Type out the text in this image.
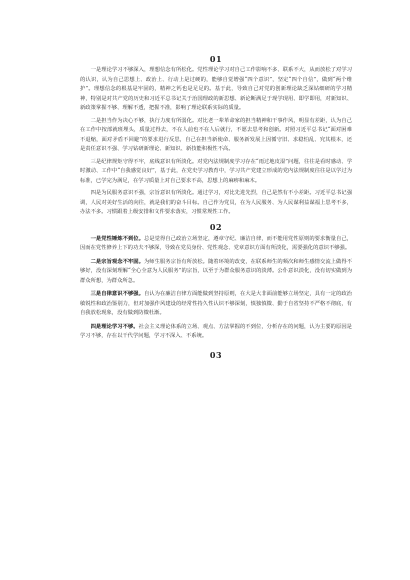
01

一是理论学习不够深入，理想信念有所松化。党性理论学习对自己工作影响不多、联系不大，从而放松了对学习的认识，认为自己思想上、政治上、行动上是过硬的，能够自觉增强“四个意识”，坚定“四个自信”，做到“两个维护”。理想信念的根基是牢固的，精神之钙也是足足的。基于此，导致自己对党的创新理论缺乏深钻细研的学习精神，特别是对共产党的历史和习近平总书记关于治国理政的新思想、新论断满足于现学现用、即学即用，对新知识、新政策掌握不够、理解不透，把握不准，影响了理论联系实际的质量。

二是担当作为决心不够，执行力度有所弱化。对比老一辈革命家的担当精神和干事作风，明显有差距，认为自己在工作中按部就班埋头，质量过得去，不在人前也不在人后就行，不愿去思考和创新。对照习近平总书记“面对困难不退缩，面对矛盾不回避”的要求进行反思，自己在担当新使命、服务新发展上因循守旧、求稳怕乱、究其根本，还是责任意识不强、学习钻研新理论、新知识、新技能积极性不高。

三是纪律规矩守得不牢，底线意识有所淡化。对党内法规制度学习存在“雨过地皮湿”问题，往往是看时感动、学时激动、工作中“自我感觉良好”，基于此，在党史学习教育中，学习共产党建立形成的党内法规制度往往是以学过为标准，已学完为满足，在学习质量上对自己要求不高，思想上的麻痹和麻木。

四是为民服务意识不强，宗旨意识有所淡化。通过学习，对比先进先烈，自己是然有不小差距。习近平总书记强调，人民对美好生活的向往，就是我们的奋斗目标。自己作为党员，在为人民服务、为人民谋利益谋福上思考不多，办法不多。习惯跟着上级安排和文件要求落实，习惯常规性工作。

02

一是党性锤炼不到位。总是觉得自己政治立场坚定，遵章守纪、廉洁自律，而不能用党性原则的要求衡量自己，因而在党性修养上下的功夫不够深，导致在党员身份、党性观念、党章意识方面有所淡化，需要强化的意识不够强。

二是宗旨观念不牢固。为师生服务宗旨有所放松。随着环境的改变，在联系师生的频次和师生感情交流上做得不够好，没有深刻理解“全心全意为人民服务”的宗旨，以至于为群众服务意识的淡薄。公仆意识淡化，没有切实做到为群众所想，为群众所急。

三是自律意识不够强。自认为在廉洁自律方面能做到坚持原则，在大是大非面前能够立场坚定，具有一定的政治敏锐性和政治鉴别力，但对加强作风建设的经常性持久性认识不够深刻，慎独慎微、勤于自省坚持不严格不彻底，有自我放松现象，没有做到防微杜渐。

四是理论学习不够。社会主义理论体系的立场、观点、方法掌握的不到位，分析存在的问题，认为主要的原因是学习不够，存在以干代学问题，学习不深入、不系统。

03
